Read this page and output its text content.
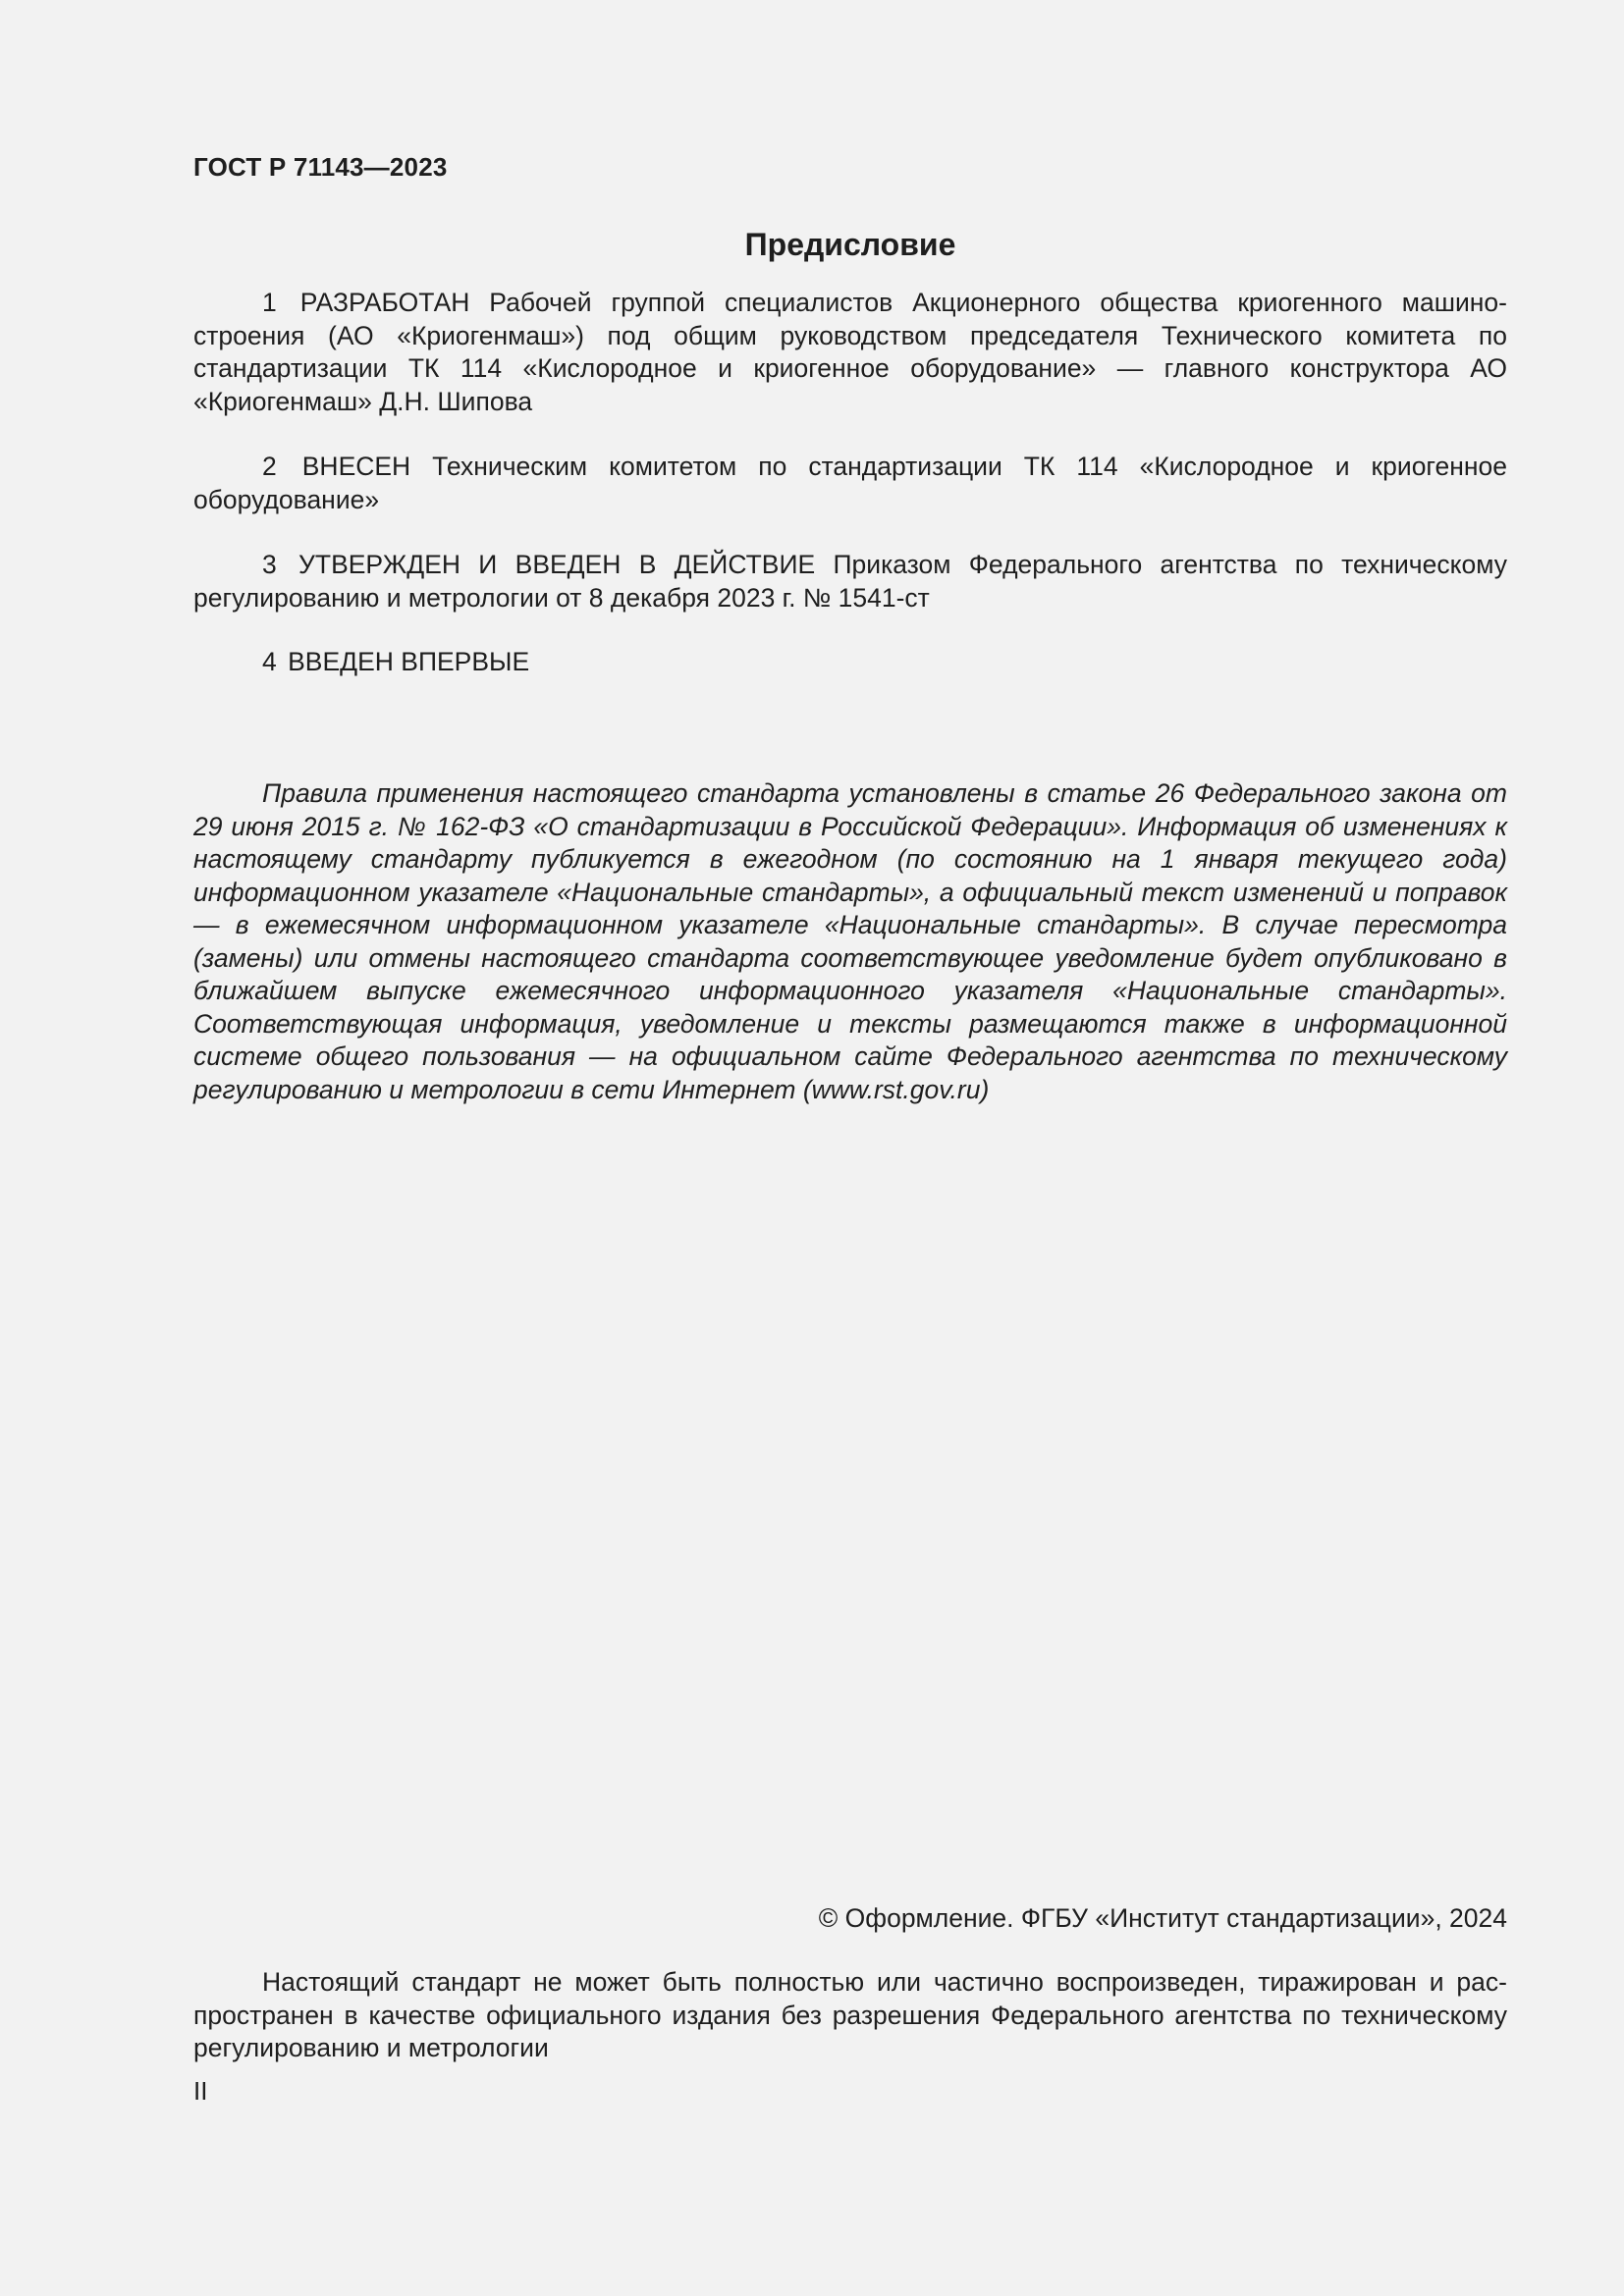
ГОСТ Р 71143—2023
Предисловие

1 РАЗРАБОТАН Рабочей группой специалистов Акционерного общества криогенного машиностроения (АО «Криогенмаш») под общим руководством председателя Технического комитета по стандартизации ТК 114 «Кислородное и криогенное оборудование» — главного конструктора АО «Криогенмаш» Д.Н. Шипова

2 ВНЕСЕН Техническим комитетом по стандартизации ТК 114 «Кислородное и криогенное оборудование»

3 УТВЕРЖДЕН И ВВЕДЕН В ДЕЙСТВИЕ Приказом Федерального агентства по техническому регулированию и метрологии от 8 декабря 2023 г. № 1541-ст

4 ВВЕДЕН ВПЕРВЫЕ

Правила применения настоящего стандарта установлены в статье 26 Федерального закона от 29 июня 2015 г. № 162-ФЗ «О стандартизации в Российской Федерации». Информация об изменениях к настоящему стандарту публикуется в ежегодном (по состоянию на 1 января текущего года) информационном указателе «Национальные стандарты», а официальный текст изменений и поправок — в ежемесячном информационном указателе «Национальные стандарты». В случае пересмотра (замены) или отмены настоящего стандарта соответствующее уведомление будет опубликовано в ближайшем выпуске ежемесячного информационного указателя «Национальные стандарты». Соответствующая информация, уведомление и тексты размещаются также в информационной системе общего пользования — на официальном сайте Федерального агентства по техническому регулированию и метрологии в сети Интернет (www.rst.gov.ru)

© Оформление. ФГБУ «Институт стандартизации», 2024

Настоящий стандарт не может быть полностью или частично воспроизведен, тиражирован и распространен в качестве официального издания без разрешения Федерального агентства по техническому регулированию и метрологии

II
